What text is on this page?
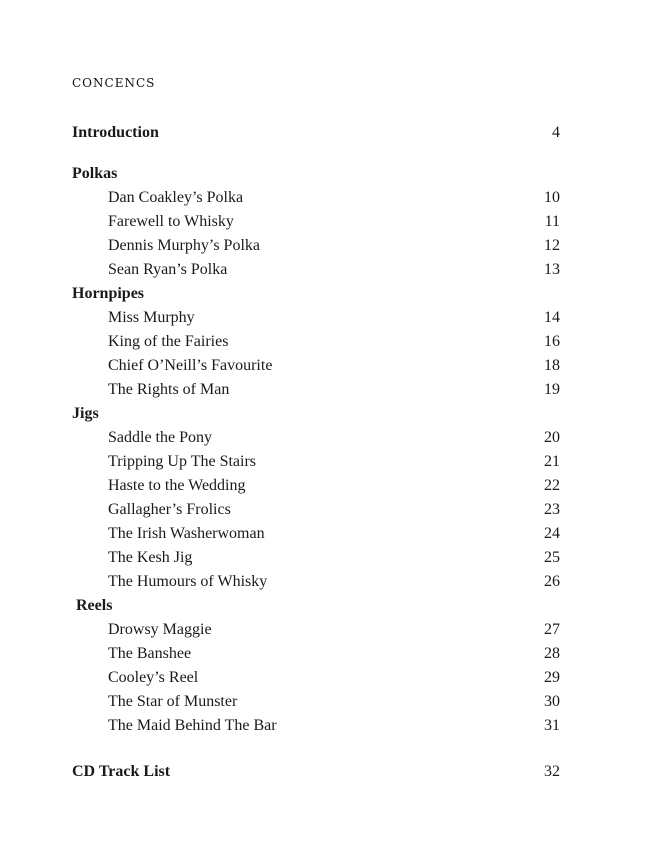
concencs
Introduction	4
Polkas
Dan Coakley’s Polka	10
Farewell to Whisky	11
Dennis Murphy’s Polka	12
Sean Ryan’s Polka	13
Hornpipes
Miss Murphy	14
King of the Fairies	16
Chief O’Neill’s Favourite	18
The Rights of Man	19
Jigs
Saddle the Pony	20
Tripping Up The Stairs	21
Haste to the Wedding	22
Gallagher’s Frolics	23
The Irish Washerwoman	24
The Kesh Jig	25
The Humours of Whisky	26
Reels
Drowsy Maggie	27
The Banshee	28
Cooley’s Reel	29
The Star of Munster	30
The Maid Behind The Bar	31
CD Track List	32
